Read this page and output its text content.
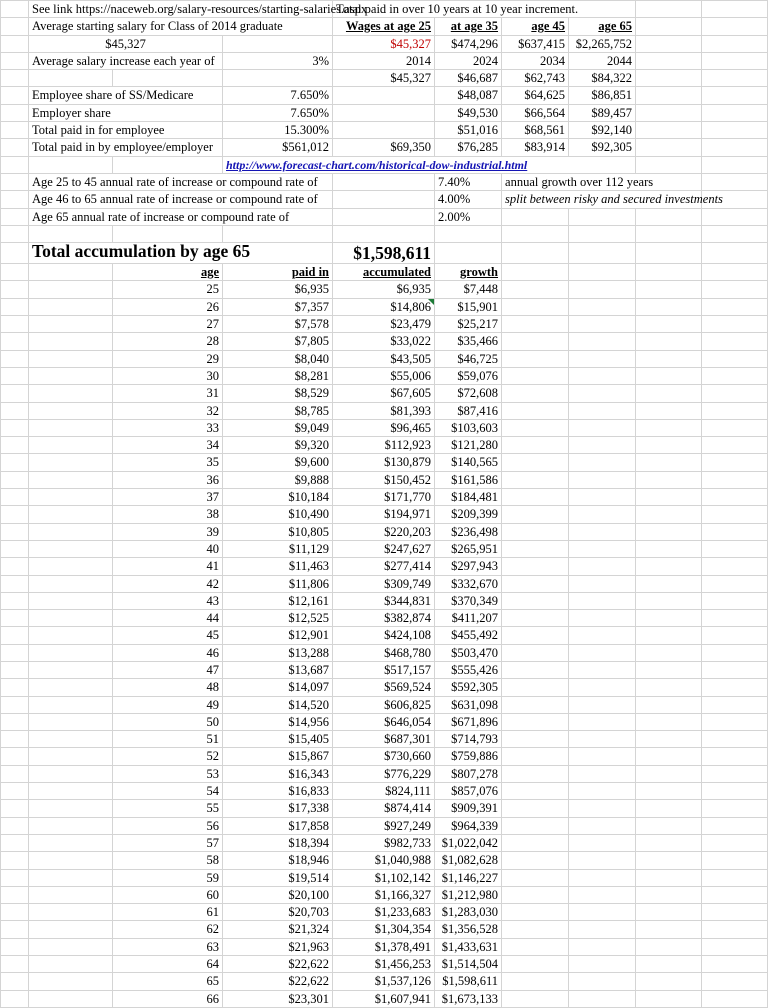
	See link https://naceweb.org/salary-resources/starting-salaries.aspx			Total paid in over 10 years at 10 year increment.					

	Average starting salary for Class of 2014 graduate			Wages at age 25	at age 35	age 45	age 65		
	$45,327			$45,327	$474,296	$637,415	$2,265,752		

	Average salary increase each year of		3%	2014	2024	2034	2044		
				$45,327	$46,687	$62,743	$84,322		

	Employee share of SS/Medicare		7.650%		$48,087	$64,625	$86,851		

	Employer share		7.650%		$49,530	$66,564	$89,457		

	Total paid in for employee		15.300%		$51,016	$68,561	$92,140		

	Total paid in by employee/employer		$561,012	$69,350	$76,285	$83,914	$92,305		

			http://www.forecast-chart.com/historical-dow-industrial.html						

	Age 25 to 45 annual rate of increase or compound rate of				7.40%	annual growth over 112 years			

	Age 46 to 65 annual rate of increase or compound rate of				4.00%	split between risky and secured investments			

	Age 65 annual rate of increase or compound rate of				2.00%				

	Total accumulation by age 65			$1,598,611					
		age	paid in	accumulated	growth				
		25	$6,935	$6,935	$7,448				
		26	$7,357	$14,806	$15,901				
		27	$7,578	$23,479	$25,217				
		28	$7,805	$33,022	$35,466				
		29	$8,040	$43,505	$46,725				
		30	$8,281	$55,006	$59,076				
		31	$8,529	$67,605	$72,608				
		32	$8,785	$81,393	$87,416				
		33	$9,049	$96,465	$103,603				
		34	$9,320	$112,923	$121,280				
		35	$9,600	$130,879	$140,565				
		36	$9,888	$150,452	$161,586				
		37	$10,184	$171,770	$184,481				
		38	$10,490	$194,971	$209,399				
		39	$10,805	$220,203	$236,498				
		40	$11,129	$247,627	$265,951				
		41	$11,463	$277,414	$297,943				
		42	$11,806	$309,749	$332,670				
		43	$12,161	$344,831	$370,349				
		44	$12,525	$382,874	$411,207				
		45	$12,901	$424,108	$455,492				
		46	$13,288	$468,780	$503,470				
		47	$13,687	$517,157	$555,426				
		48	$14,097	$569,524	$592,305				
		49	$14,520	$606,825	$631,098				
		50	$14,956	$646,054	$671,896				
		51	$15,405	$687,301	$714,793				
		52	$15,867	$730,660	$759,886				
		53	$16,343	$776,229	$807,278				
		54	$16,833	$824,111	$857,076				
		55	$17,338	$874,414	$909,391				
		56	$17,858	$927,249	$964,339				
		57	$18,394	$982,733	$1,022,042				
		58	$18,946	$1,040,988	$1,082,628				
		59	$19,514	$1,102,142	$1,146,227				
		60	$20,100	$1,166,327	$1,212,980				
		61	$20,703	$1,233,683	$1,283,030				
		62	$21,324	$1,304,354	$1,356,528				
		63	$21,963	$1,378,491	$1,433,631				
		64	$22,622	$1,456,253	$1,514,504				
		65	$22,622	$1,537,126	$1,598,611				
		66	$23,301	$1,607,941	$1,673,133				
